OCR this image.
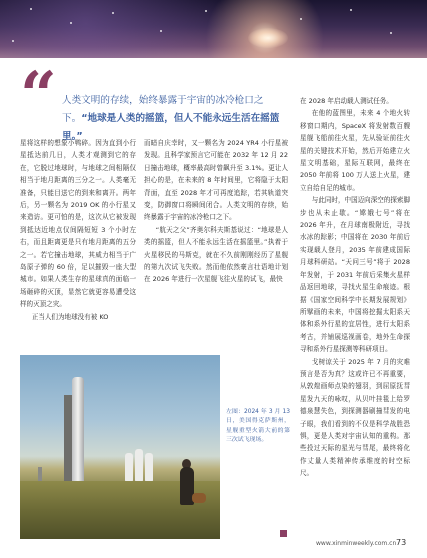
“ 人类文明的存续，始终暴露于宇宙的冰冷枪口之下。“地球是人类的摇篮，但人不能永远生活在摇篮里。”

星将这样的想象小鸭碎。因为直到小行星抵达前几日，人类才观测到它的存在，它脱过地球时，与地球之间相隔仅相当于地月距离的三分之一。人类毫无准备，只能目送它的到来和离开。两年后，另一颗名为 2019 OK 的小行星又来造访。更可怕的是，这次从它被发现到抵达近地点仅间隔短短 3 个小时左右，而且距离更是只有地月距离的五分之一。若它撞击地球，其威力相当于广岛原子弹的 60 倍，足以摧毁一座大型城市。如果人类生存的星球真的面临一场砸碎的灭顶，显然它就更容易遭受这样的灭顶之灾。

正当人们为地球没有被 KO

而暗自庆幸时，又一颗名为 2024 YR4 小行星被发现。且科学家预言它可能在 2032 年 12 月 22 日撞击地球，概率最高时曾飙升至 3.1%。更让人担心的是，在未来的 8 年时间里，它将隐于太阳背面，直至 2028 年才可再度追踪，若其轨道突变，防御窗口将瞬间闭合。人类文明的存续，始终暴露于宇宙的冰冷枪口之下。

“航天之父”齐奥尔科夫斯基说过：“地球是人类的摇篮，但人不能永远生活在摇篮里。”执着于火星移民的马斯克，就在不久前刚刚经历了星舰的第九次试飞失败。然而他依然豪言壮语地计划在 2026 年进行一次星舰飞往火星的试飞，最快

在 2028 年启动载人测试任务。

在他的蓝图里，未来 4 个地火转移窗口期内，SpaceX 将发射数百艘星舰飞船前往火星，先从验证前往火星的关键技术开始，然后开始建立火星文明基础，星际互联网，最终在 2050 年前将 100 万人送上火星，建立自给自足的城市。

与此同时，中国迈向深空的探索脚步也从未止歇。“嫦娥七号”将在 2026 年升，在月球南极附近，寻找水冰的踪影；中国将在 2030 年前后实现载人登月，2035 年前建成国际月球科研站。“天问三号”将于 2028 年发射，于 2031 年前后采集火星样品返回地球，寻找火星生命痕迹。根据《国家空间科学中长期发展规划》所擘画的未来，中国将挖掘太阳系天体和系外行星的宜居性，进行太阳系考古，并铺展巡视画卷，地外生命探寻和系外行星探测等科研项目。

戈树谅关于 2025 年 7 月的灾难预言是否为真？这或许已不再重要，从敦煌画师点染的翅羽，到屈原抚彗星发九天的咏叹，从贝叶挂毯上给罗德泉慧失色，到探测器刷撞彗发的电子眼，我们看到的不仅是科学战胜恐惧，更是人类对宇宙认知的重构。那些投过天际的星光与彗尾，最终将化作丈量人类精神传承维度的时空标尺。

左图：2024 年 3 月 13 日，美国得克萨斯州，星舰重型火箭大前的第三次试飞现场。
www.xinminweekly.com.cn 73
